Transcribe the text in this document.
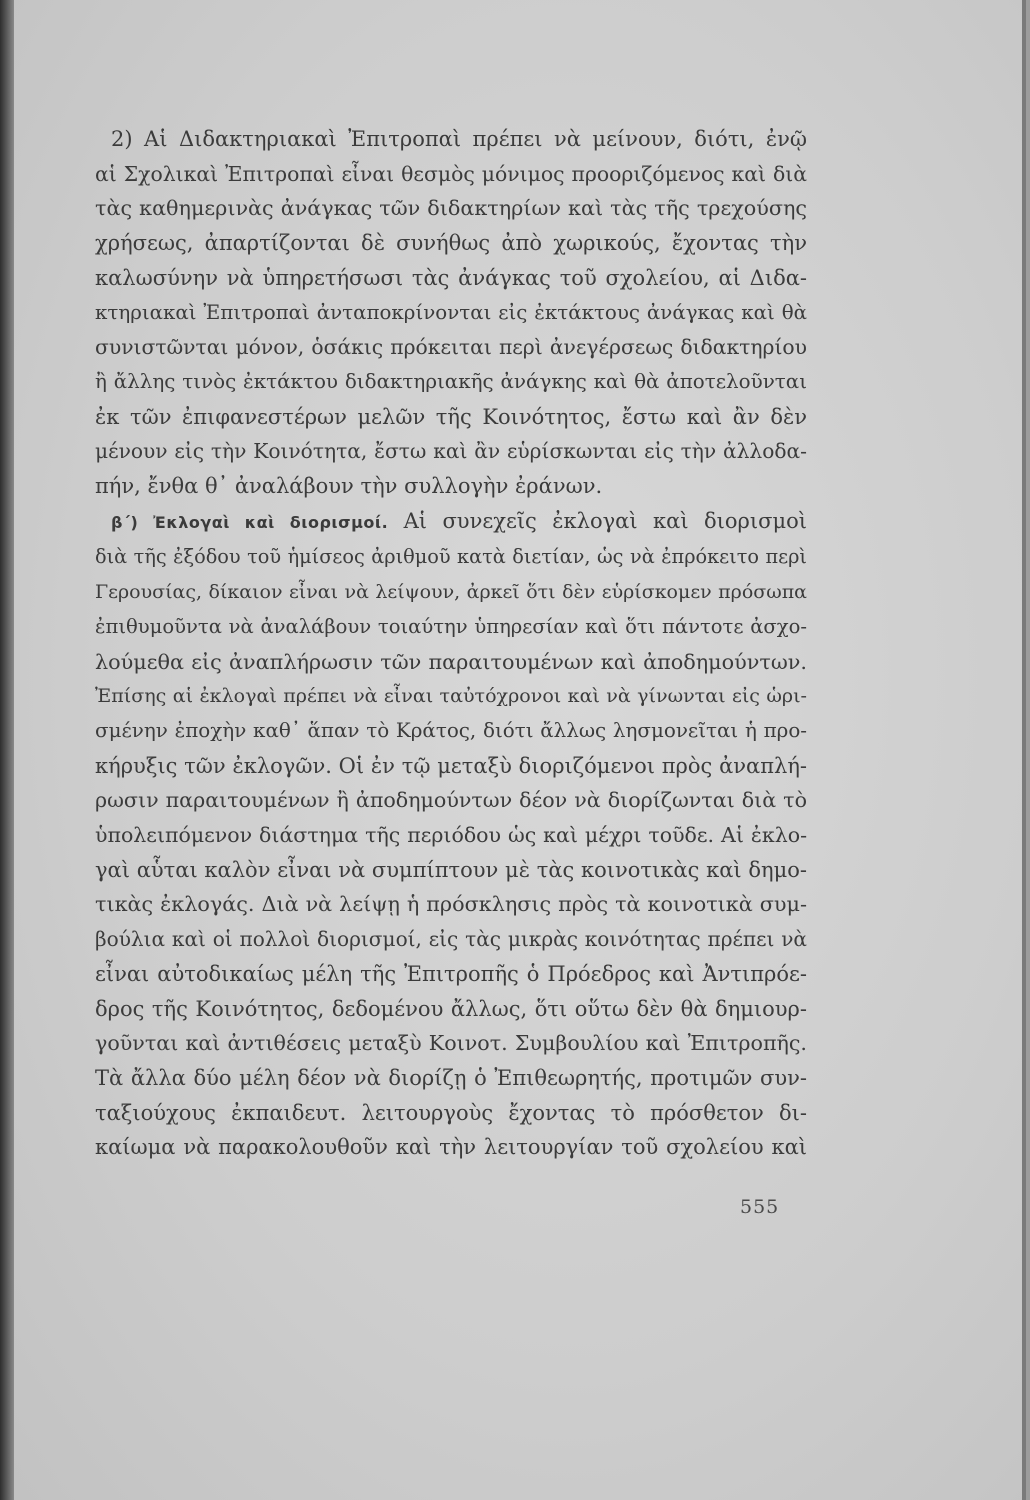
2) Αἱ Διδακτηριακαὶ Ἐπιτροπαὶ πρέπει νὰ μείνουν, διότι, ἐνῷ
αἱ Σχολικαὶ Ἐπιτροπαὶ εἶναι θεσμὸς μόνιμος προοριζόμενος καὶ διὰ
τὰς καθημερινὰς ἀνάγκας τῶν διδακτηρίων καὶ τὰς τῆς τρεχούσης
χρήσεως, ἀπαρτίζονται δὲ συνήθως ἀπὸ χωρικούς, ἔχοντας τὴν
καλωσύνην νὰ ὑπηρετήσωσι τὰς ἀνάγκας τοῦ σχολείου, αἱ Διδα-
κτηριακαὶ Ἐπιτροπαὶ ἀνταποκρίνονται εἰς ἐκτάκτους ἀνάγκας καὶ θὰ
συνιστῶνται μόνον, ὁσάκις πρόκειται περὶ ἀνεγέρσεως διδακτηρίου
ἢ ἄλλης τινὸς ἐκτάκτου διδακτηριακῆς ἀνάγκης καὶ θὰ ἀποτελοῦνται
ἐκ τῶν ἐπιφανεστέρων μελῶν τῆς Κοινότητος, ἔστω καὶ ἂν δὲν
μένουν εἰς τὴν Κοινότητα, ἔστω καὶ ἂν εὑρίσκωνται εἰς τὴν ἀλλοδα-
πήν, ἔνθα θ᾽ ἀναλάβουν τὴν συλλογὴν ἐράνων.
β΄) Ἐκλογαὶ καὶ διορισμοί. Αἱ συνεχεῖς ἐκλογαὶ καὶ διορισμοὶ
διὰ τῆς ἐξόδου τοῦ ἡμίσεος ἀριθμοῦ κατὰ διετίαν, ὡς νὰ ἐπρόκειτο περὶ
Γερουσίας, δίκαιον εἶναι νὰ λείψουν, ἀρκεῖ ὅτι δὲν εὑρίσκομεν πρόσωπα
ἐπιθυμοῦντα νὰ ἀναλάβουν τοιαύτην ὑπηρεσίαν καὶ ὅτι πάντοτε ἀσχο-
λούμεθα εἰς ἀναπλήρωσιν τῶν παραιτουμένων καὶ ἀποδημούντων.
Ἐπίσης αἱ ἐκλογαὶ πρέπει νὰ εἶναι ταὐτόχρονοι καὶ νὰ γίνωνται εἰς ὡρι-
σμένην ἐποχὴν καθ᾽ ἅπαν τὸ Κράτος, διότι ἄλλως λησμονεῖται ἡ προ-
κήρυξις τῶν ἐκλογῶν. Οἱ ἐν τῷ μεταξὺ διοριζόμενοι πρὸς ἀναπλή-
ρωσιν παραιτουμένων ἢ ἀποδημούντων δέον νὰ διορίζωνται διὰ τὸ
ὑπολειπόμενον διάστημα τῆς περιόδου ὡς καὶ μέχρι τοῦδε. Αἱ ἐκλο-
γαὶ αὗται καλὸν εἶναι νὰ συμπίπτουν μὲ τὰς κοινοτικὰς καὶ δημο-
τικὰς ἐκλογάς. Διὰ νὰ λείψῃ ἡ πρόσκλησις πρὸς τὰ κοινοτικὰ συμ-
βούλια καὶ οἱ πολλοὶ διορισμοί, εἰς τὰς μικρὰς κοινότητας πρέπει νὰ
εἶναι αὐτοδικαίως μέλη τῆς Ἐπιτροπῆς ὁ Πρόεδρος καὶ Ἀντιπρόε-
δρος τῆς Κοινότητος, δεδομένου ἄλλως, ὅτι οὕτω δὲν θὰ δημιουρ-
γοῦνται καὶ ἀντιθέσεις μεταξὺ Κοινοτ. Συμβουλίου καὶ Ἐπιτροπῆς.
Τὰ ἄλλα δύο μέλη δέον νὰ διορίζῃ ὁ Ἐπιθεωρητής, προτιμῶν συν-
ταξιούχους ἐκπαιδευτ. λειτουργοὺς ἔχοντας τὸ πρόσθετον δι-
καίωμα νὰ παρακολουθοῦν καὶ τὴν λειτουργίαν τοῦ σχολείου καὶ
555
